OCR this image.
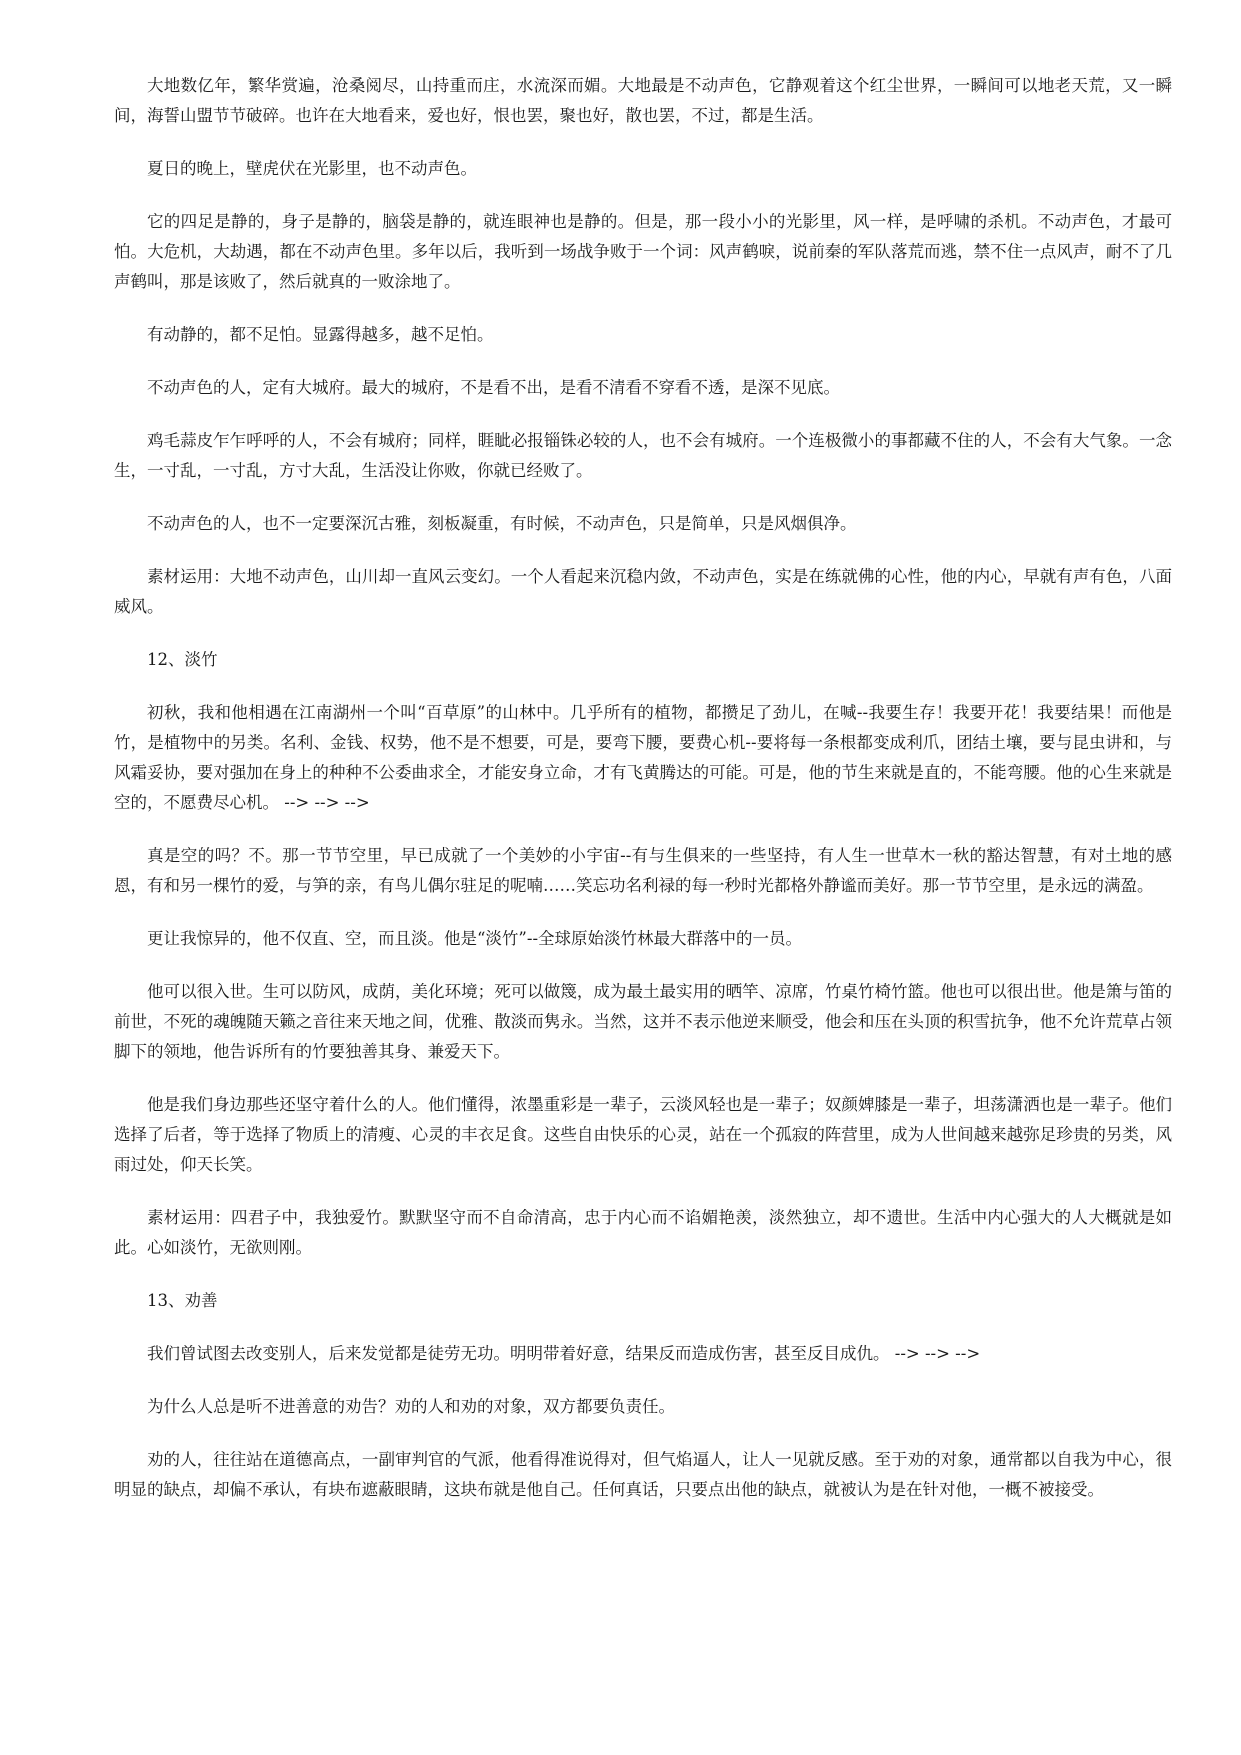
大地数亿年，繁华赏遍，沧桑阅尽，山持重而庄，水流深而媚。大地最是不动声色，它静观着这个红尘世界，一瞬间可以地老天荒，又一瞬间，海誓山盟节节破碎。也许在大地看来，爱也好，恨也罢，聚也好，散也罢，不过，都是生活。

夏日的晚上，壁虎伏在光影里，也不动声色。

它的四足是静的，身子是静的，脑袋是静的，就连眼神也是静的。但是，那一段小小的光影里，风一样，是呼啸的杀机。不动声色，才最可怕。大危机，大劫遇，都在不动声色里。多年以后，我听到一场战争败于一个词：风声鹤唳，说前秦的军队落荒而逃，禁不住一点风声，耐不了几声鹤叫，那是该败了，然后就真的一败涂地了。

有动静的，都不足怕。显露得越多，越不足怕。

不动声色的人，定有大城府。最大的城府，不是看不出，是看不清看不穿看不透，是深不见底。

鸡毛蒜皮乍乍呼呼的人，不会有城府；同样，睚眦必报锱铢必较的人，也不会有城府。一个连极微小的事都藏不住的人，不会有大气象。一念生，一寸乱，一寸乱，方寸大乱，生活没让你败，你就已经败了。

不动声色的人，也不一定要深沉古雅，刻板凝重，有时候，不动声色，只是简单，只是风烟俱净。

素材运用：大地不动声色，山川却一直风云变幻。一个人看起来沉稳内敛，不动声色，实是在练就佛的心性，他的内心，早就有声有色，八面威风。

12、淡竹

初秋，我和他相遇在江南湖州一个叫“百草原”的山林中。几乎所有的植物，都攒足了劲儿，在喊--我要生存！我要开花！我要结果！而他是竹，是植物中的另类。名利、金钱、权势，他不是不想要，可是，要弯下腰，要费心机--要将每一条根都变成利爪，团结土壤，要与昆虫讲和，与风霜妥协，要对强加在身上的种种不公委曲求全，才能安身立命，才有飞黄腾达的可能。可是，他的节生来就是直的，不能弯腰。他的心生来就是空的，不愿费尽心机。 --> --> -->

真是空的吗？不。那一节节空里，早已成就了一个美妙的小宇宙--有与生俱来的一些坚持，有人生一世草木一秋的豁达智慧，有对土地的感恩，有和另一棵竹的爱，与笋的亲，有鸟儿偶尔驻足的呢喃……笑忘功名利禄的每一秒时光都格外静谧而美好。那一节节空里，是永远的满盈。

更让我惊异的，他不仅直、空，而且淡。他是“淡竹”--全球原始淡竹林最大群落中的一员。

他可以很入世。生可以防风，成荫，美化环境；死可以做篾，成为最土最实用的晒竿、凉席，竹桌竹椅竹篮。他也可以很出世。他是箫与笛的前世，不死的魂魄随天籁之音往来天地之间，优雅、散淡而隽永。当然，这并不表示他逆来顺受，他会和压在头顶的积雪抗争，他不允许荒草占领脚下的领地，他告诉所有的竹要独善其身、兼爱天下。

他是我们身边那些还坚守着什么的人。他们懂得，浓墨重彩是一辈子，云淡风轻也是一辈子；奴颜婢膝是一辈子，坦荡潇洒也是一辈子。他们选择了后者，等于选择了物质上的清瘦、心灵的丰衣足食。这些自由快乐的心灵，站在一个孤寂的阵营里，成为人世间越来越弥足珍贵的另类，风雨过处，仰天长笑。

素材运用：四君子中，我独爱竹。默默坚守而不自命清高，忠于内心而不谄媚艳羡，淡然独立，却不遗世。生活中内心强大的人大概就是如此。心如淡竹，无欲则刚。

13、劝善

我们曾试图去改变别人，后来发觉都是徒劳无功。明明带着好意，结果反而造成伤害，甚至反目成仇。 --> --> -->

为什么人总是听不进善意的劝告？劝的人和劝的对象，双方都要负责任。

劝的人，往往站在道德高点，一副审判官的气派，他看得准说得对，但气焰逼人，让人一见就反感。至于劝的对象，通常都以自我为中心，很明显的缺点，却偏不承认，有块布遮蔽眼睛，这块布就是他自己。任何真话，只要点出他的缺点，就被认为是在针对他，一概不被接受。
